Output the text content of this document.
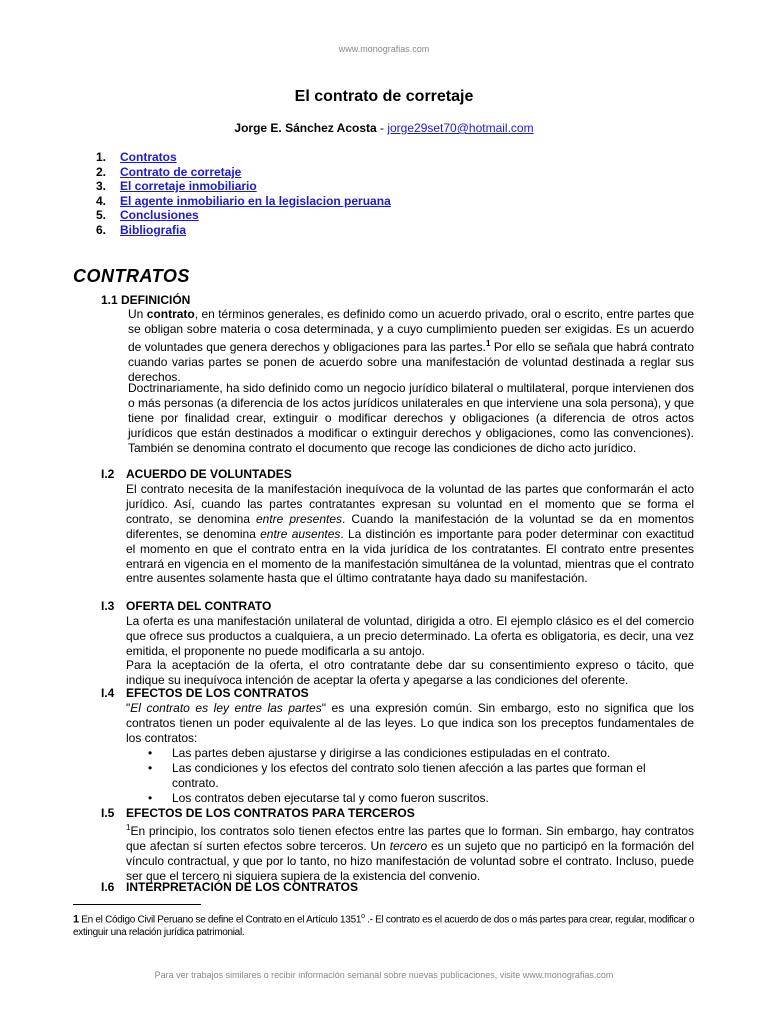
www.monografias.com
El contrato de corretaje
Jorge E. Sánchez Acosta - jorge29set70@hotmail.com
1.	Contratos
2.	Contrato de corretaje
3.	El corretaje inmobiliario
4.	El agente inmobiliario en la legislacion peruana
5.	Conclusiones
6.	Bibliografia
CONTRATOS
1.1 DEFINICIÓN
Un contrato, en términos generales, es definido como un acuerdo privado, oral o escrito, entre partes que se obligan sobre materia o cosa determinada, y a cuyo cumplimiento pueden ser exigidas. Es un acuerdo de voluntades que genera derechos y obligaciones para las partes.$^1$ Por ello se señala que habrá contrato cuando varias partes se ponen de acuerdo sobre una manifestación de voluntad destinada a reglar sus derechos.
Doctrinariamente, ha sido definido como un negocio jurídico bilateral o multilateral, porque intervienen dos o más personas (a diferencia de los actos jurídicos unilaterales en que interviene una sola persona), y que tiene por finalidad crear, extinguir o modificar derechos y obligaciones (a diferencia de otros actos jurídicos que están destinados a modificar o extinguir derechos y obligaciones, como las convenciones). También se denomina contrato el documento que recoge las condiciones de dicho acto jurídico.
I.2 ACUERDO DE VOLUNTADES
El contrato necesita de la manifestación inequívoca de la voluntad de las partes que conformarán el acto jurídico. Así, cuando las partes contratantes expresan su voluntad en el momento que se forma el contrato, se denomina entre presentes. Cuando la manifestación de la voluntad se da en momentos diferentes, se denomina entre ausentes. La distinción es importante para poder determinar con exactitud el momento en que el contrato entra en la vida jurídica de los contratantes. El contrato entre presentes entrará en vigencia en el momento de la manifestación simultánea de la voluntad, mientras que el contrato entre ausentes solamente hasta que el último contratante haya dado su manifestación.
I.3 OFERTA DEL CONTRATO
La oferta es una manifestación unilateral de voluntad, dirigida a otro. El ejemplo clásico es el del comercio que ofrece sus productos a cualquiera, a un precio determinado. La oferta es obligatoria, es decir, una vez emitida, el proponente no puede modificarla a su antojo.
Para la aceptación de la oferta, el otro contratante debe dar su consentimiento expreso o tácito, que indique su inequívoca intención de aceptar la oferta y apegarse a las condiciones del oferente.
I.4 EFECTOS DE LOS CONTRATOS
"El contrato es ley entre las partes" es una expresión común. Sin embargo, esto no significa que los contratos tienen un poder equivalente al de las leyes. Lo que indica son los preceptos fundamentales de los contratos:
• Las partes deben ajustarse y dirigirse a las condiciones estipuladas en el contrato.
• Las condiciones y los efectos del contrato solo tienen afección a las partes que forman el contrato.
• Los contratos deben ejecutarse tal y como fueron suscritos.
I.5 EFECTOS DE LOS CONTRATOS PARA TERCEROS
$^1$En principio, los contratos solo tienen efectos entre las partes que lo forman. Sin embargo, hay contratos que afectan sí surten efectos sobre terceros. Un tercero es un sujeto que no participó en la formación del vínculo contractual, y que por lo tanto, no hizo manifestación de voluntad sobre el contrato. Incluso, puede ser que el tercero ni siquiera supiera de la existencia del convenio.
I.6 INTERPRETACIÓN DE LOS CONTRATOS
1 En el Código Civil Peruano se define el Contrato en el Artículo 1351$^o$ .- El contrato es el acuerdo de dos o más partes para crear, regular, modificar o extinguir una relación jurídica patrimonial.
Para ver trabajos similares o recibir información semanal sobre nuevas publicaciones, visite www.monografias.com
